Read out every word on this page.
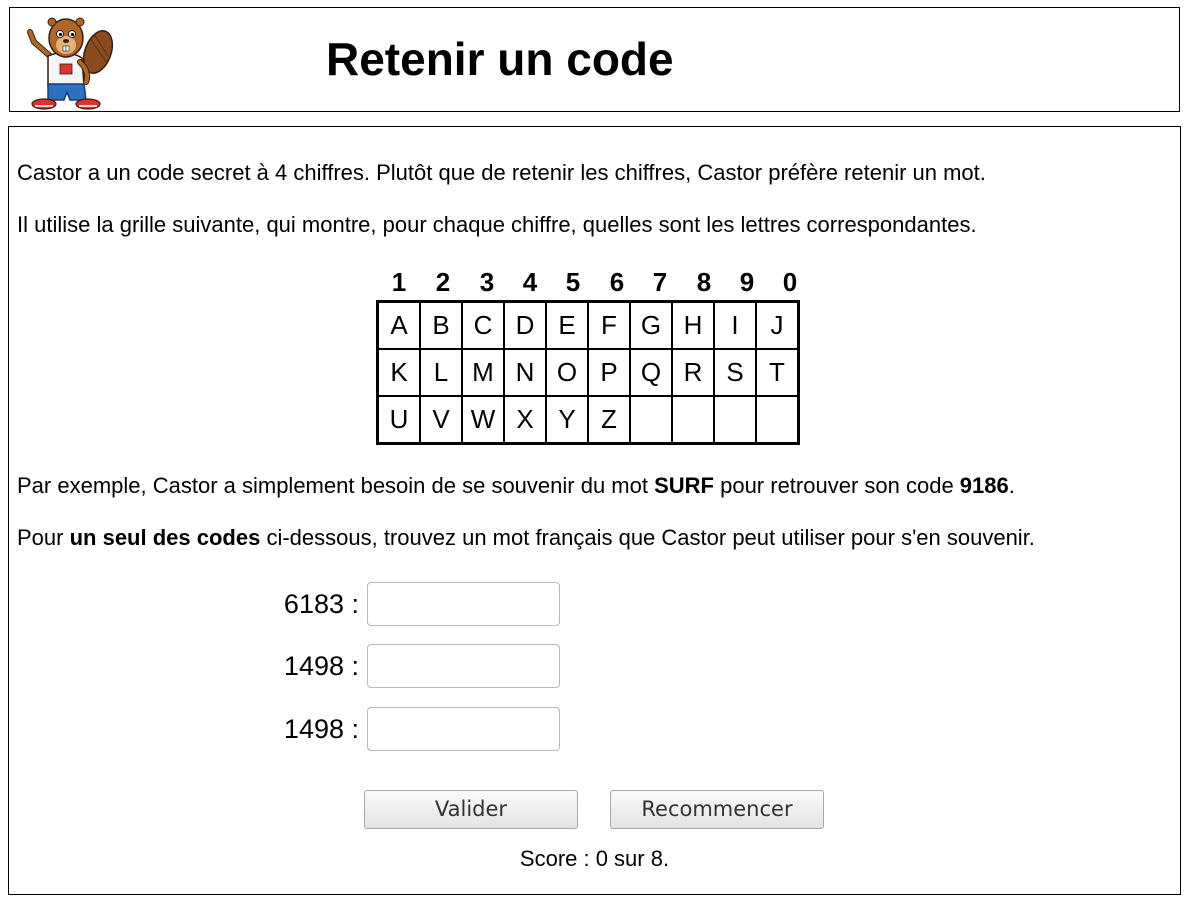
Retenir un code

Castor a un code secret à 4 chiffres. Plutôt que de retenir les chiffres, Castor préfère retenir un mot.

Il utilise la grille suivante, qui montre, pour chaque chiffre, quelles sont les lettres correspondantes.

1	2	3	4	5	6	7	8	9	0
A	B	C	D	E	F	G	H	I	J
K	L	M	N	O	P	Q	R	S	T
U	V	W	X	Y	Z				

Par exemple, Castor a simplement besoin de se souvenir du mot SURF pour retrouver son code 9186.

Pour un seul des codes ci-dessous, trouvez un mot français que Castor peut utiliser pour s'en souvenir.

6183 :
1498 :
1498 :
Valider	Recommencer
Score : 0 sur 8.
